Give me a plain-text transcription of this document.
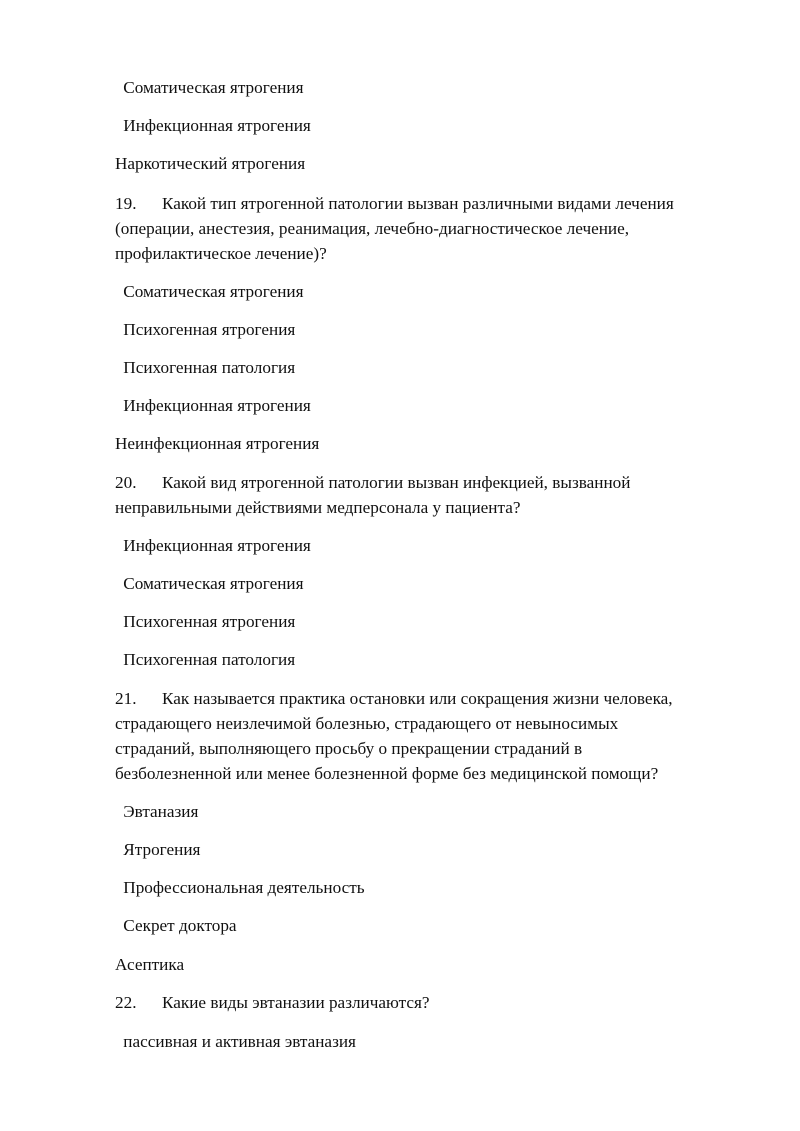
Соматическая ятрогения

Инфекционная ятрогения

Наркотический ятрогения

19. Какой тип ятрогенной патологии вызван различными видами лечения

(операции, анестезия, реанимация, лечебно-диагностическое лечение,

профилактическое лечение)?

Соматическая ятрогения

Психогенная ятрогения

Психогенная патология

Инфекционная ятрогения

Неинфекционная ятрогения

20. Какой вид ятрогенной патологии вызван инфекцией, вызванной

неправильными действиями медперсонала у пациента?

Инфекционная ятрогения

Соматическая ятрогения

Психогенная ятрогения

Психогенная патология

21. Как называется практика остановки или сокращения жизни человека,

страдающего неизлечимой болезнью, страдающего от невыносимых

страданий, выполняющего просьбу о прекращении страданий в

безболезненной или менее болезненной форме без медицинской помощи?

Эвтаназия

Ятрогения

Профессиональная деятельность

Секрет доктора

Асептика

22. Какие виды эвтаназии различаются?

пассивная и активная эвтаназия
